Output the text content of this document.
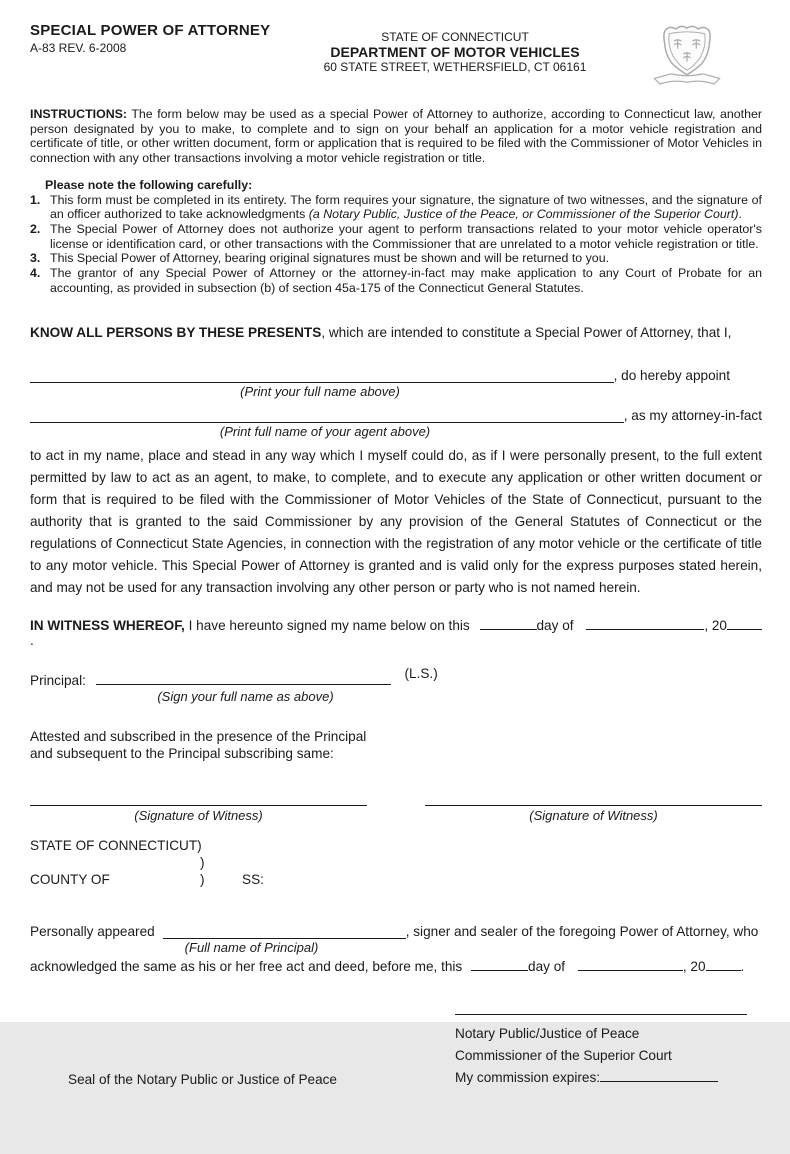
SPECIAL POWER OF ATTORNEY
A-83 REV. 6-2008
STATE OF CONNECTICUT
DEPARTMENT OF MOTOR VEHICLES
60 STATE STREET, WETHERSFIELD, CT 06161
INSTRUCTIONS: The form below may be used as a special Power of Attorney to authorize, according to Connecticut law, another person designated by you to make, to complete and to sign on your behalf an application for a motor vehicle registration and certificate of title, or other written document, form or application that is required to be filed with the Commissioner of Motor Vehicles in connection with any other transactions involving a motor vehicle registration or title.
Please note the following carefully:
1. This form must be completed in its entirety. The form requires your signature, the signature of two witnesses, and the signature of an officer authorized to take acknowledgments (a Notary Public, Justice of the Peace, or Commissioner of the Superior Court).
2. The Special Power of Attorney does not authorize your agent to perform transactions related to your motor vehicle operator's license or identification card, or other transactions with the Commissioner that are unrelated to a motor vehicle registration or title.
3. This Special Power of Attorney, bearing original signatures must be shown and will be returned to you.
4. The grantor of any Special Power of Attorney or the attorney-in-fact may make application to any Court of Probate for an accounting, as provided in subsection (b) of section 45a-175 of the Connecticut General Statutes.
KNOW ALL PERSONS BY THESE PRESENTS, which are intended to constitute a Special Power of Attorney, that I,
, do hereby appoint
(Print your full name above)
, as my attorney-in-fact
(Print full name of your agent above)
to act in my name, place and stead in any way which I myself could do, as if I were personally present, to the full extent permitted by law to act as an agent, to make, to complete, and to execute any application or other written document or form that is required to be filed with the Commissioner of Motor Vehicles of the State of Connecticut, pursuant to the authority that is granted to the said Commissioner by any provision of the General Statutes of Connecticut or the regulations of Connecticut State Agencies, in connection with the registration of any motor vehicle or the certificate of title to any motor vehicle. This Special Power of Attorney is granted and is valid only for the express purposes stated herein, and may not be used for any transaction involving any other person or party who is not named herein.
IN WITNESS WHEREOF, I have hereunto signed my name below on this	day of	, 20.
Principal:	(L.S.)
(Sign your full name as above)
Attested and subscribed in the presence of the Principal
and subsequent to the Principal subscribing same:
(Signature of Witness)	(Signature of Witness)
STATE OF CONNECTICUT)
)
COUNTY OF	)	SS:
Personally appeared	, signer and sealer of the foregoing Power of Attorney, who
(Full name of Principal)
acknowledged the same as his or her free act and deed, before me, this	day of	, 20	.
Notary Public/Justice of Peace
Commissioner of the Superior Court
My commission expires:
Seal of the Notary Public or Justice of Peace
